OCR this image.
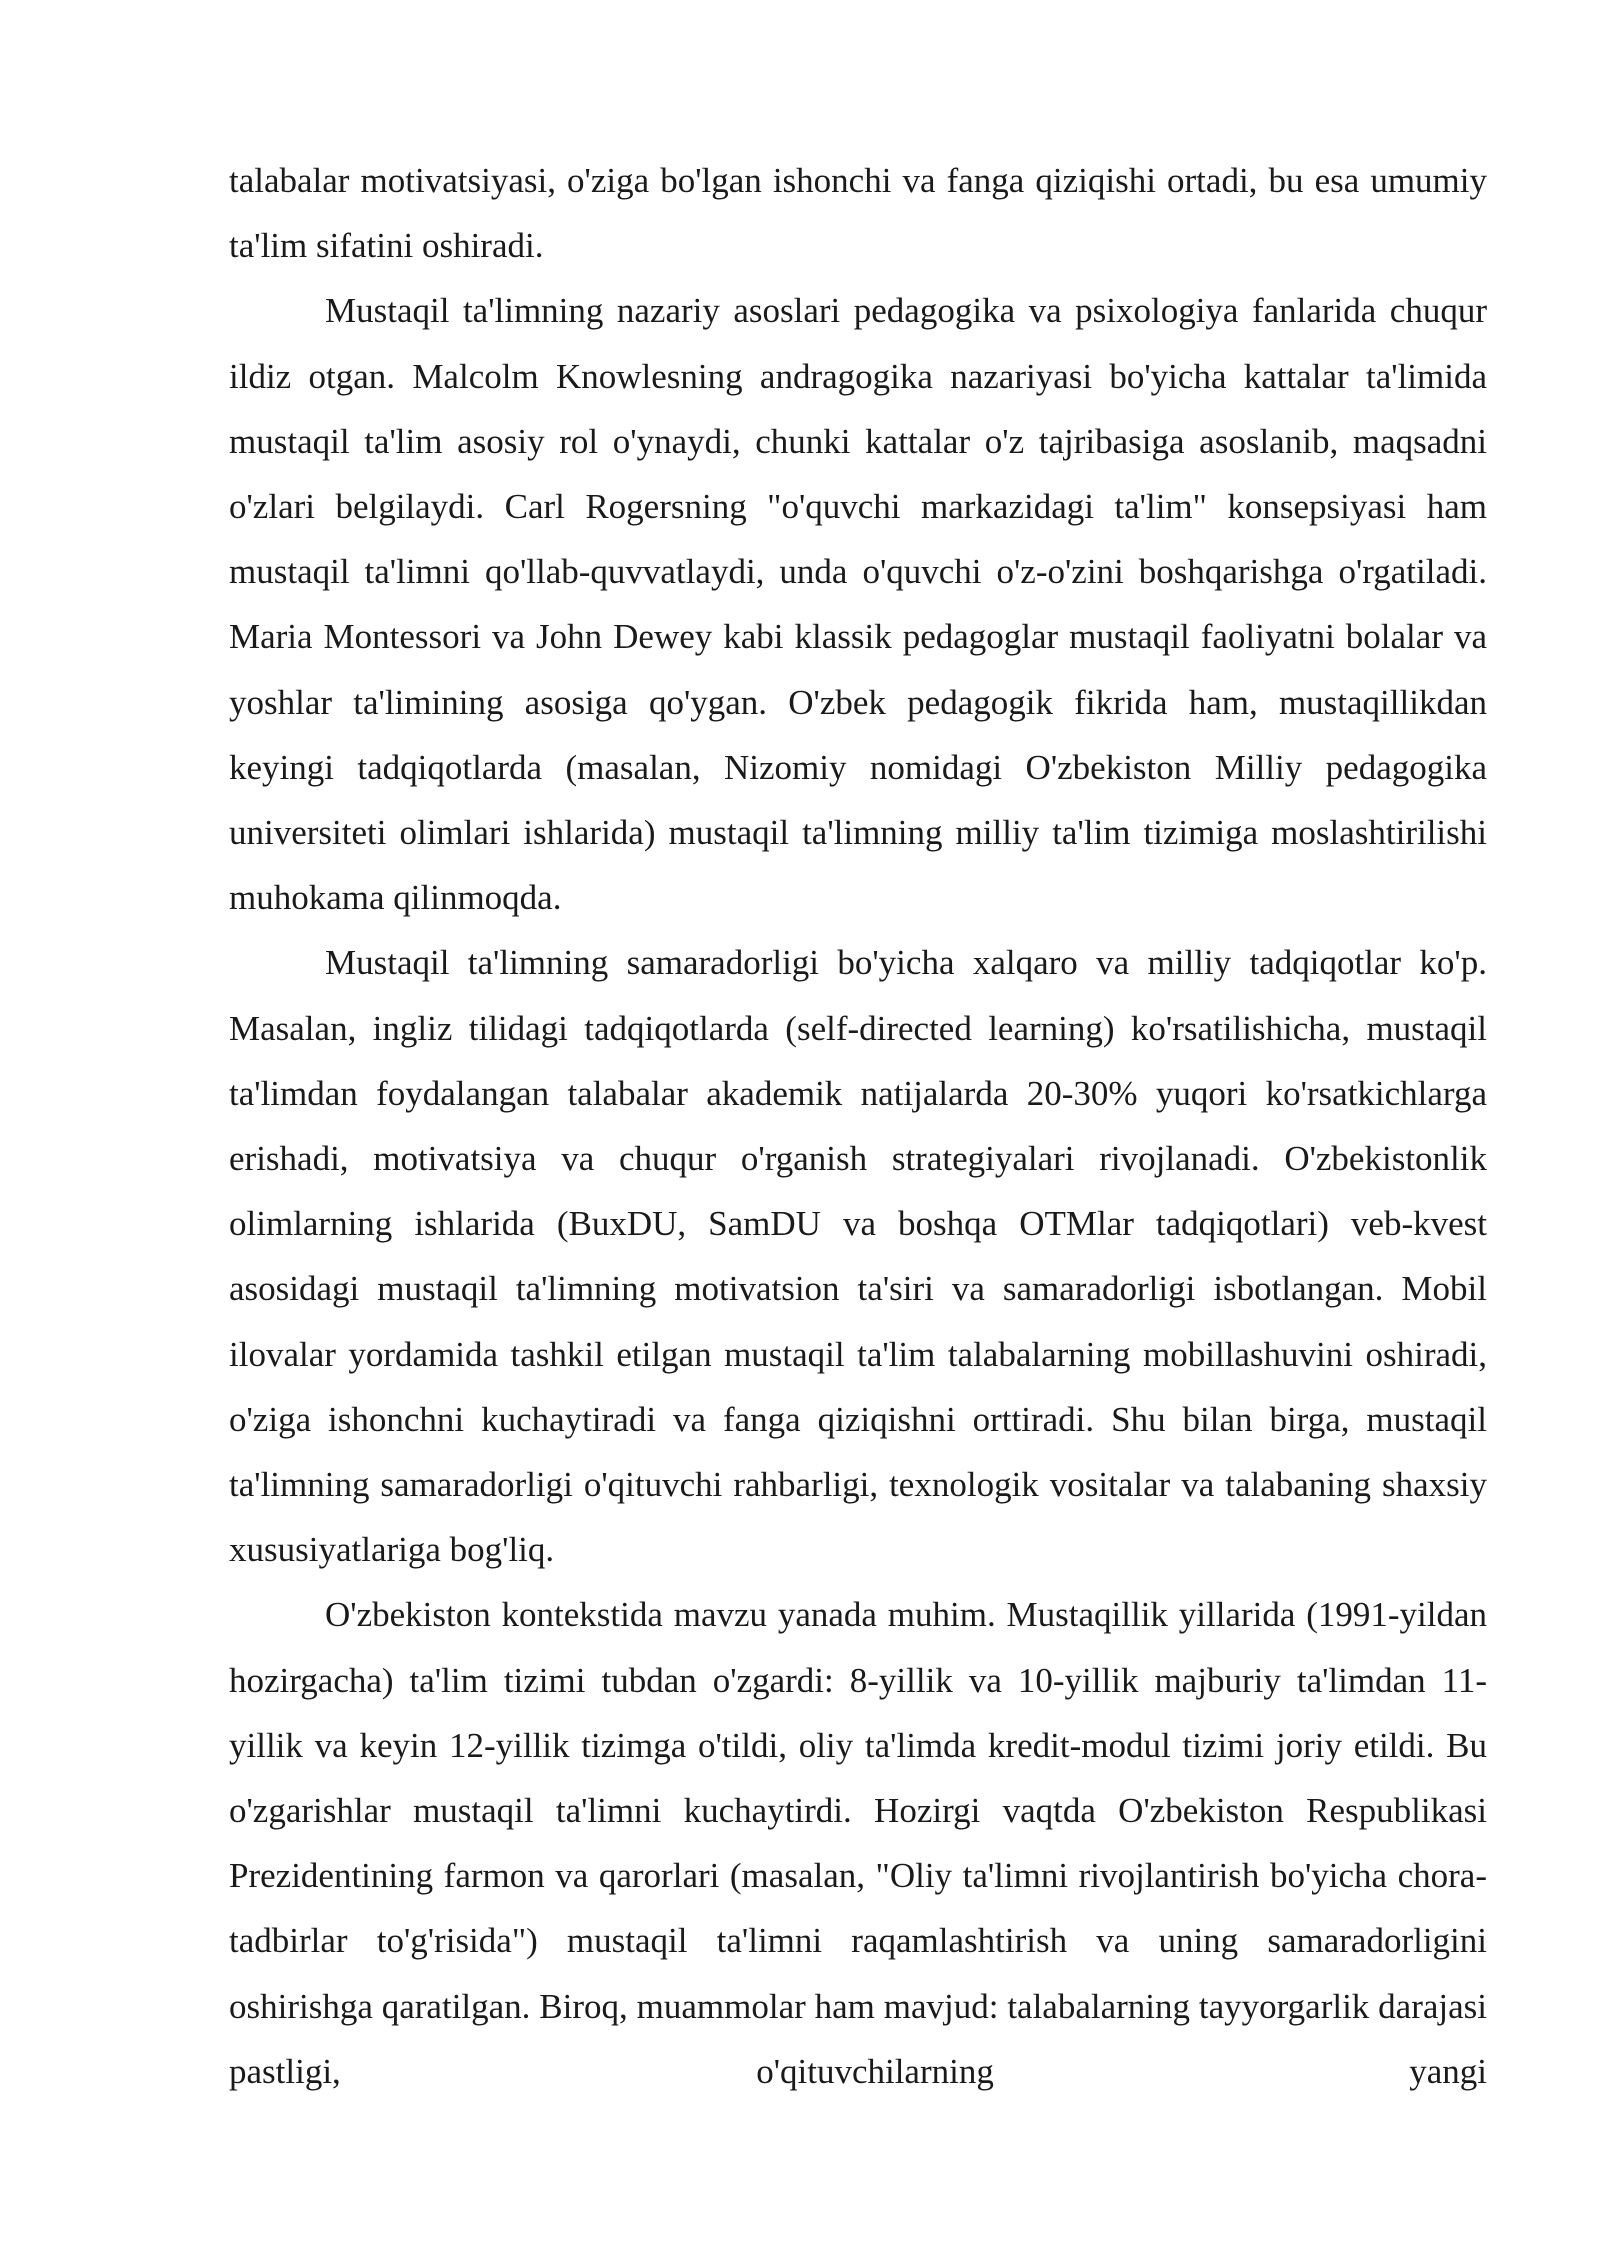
talabalar motivatsiyasi, o'ziga bo'lgan ishonchi va fanga qiziqishi ortadi, bu esa umumiy ta'lim sifatini oshiradi.

Mustaqil ta'limning nazariy asoslari pedagogika va psixologiya fanlarida chuqur ildiz otgan. Malcolm Knowlesning andragogika nazariyasi bo'yicha kattalar ta'limida mustaqil ta'lim asosiy rol o'ynaydi, chunki kattalar o'z tajribasiga asoslanib, maqsadni o'zlari belgilaydi. Carl Rogersning "o'quvchi markazidagi ta'lim" konsepsiyasi ham mustaqil ta'limni qo'llab-quvvatlaydi, unda o'quvchi o'z-o'zini boshqarishga o'rgatiladi. Maria Montessori va John Dewey kabi klassik pedagoglar mustaqil faoliyatni bolalar va yoshlar ta'limining asosiga qo'ygan. O'zbek pedagogik fikrida ham, mustaqillikdan keyingi tadqiqotlarda (masalan, Nizomiy nomidagi O'zbekiston Milliy pedagogika universiteti olimlari ishlarida) mustaqil ta'limning milliy ta'lim tizimiga moslashtirilishi muhokama qilinmoqda.

Mustaqil ta'limning samaradorligi bo'yicha xalqaro va milliy tadqiqotlar ko'p. Masalan, ingliz tilidagi tadqiqotlarda (self-directed learning) ko'rsatilishicha, mustaqil ta'limdan foydalangan talabalar akademik natijalarda 20-30% yuqori ko'rsatkichlarga erishadi, motivatsiya va chuqur o'rganish strategiyalari rivojlanadi. O'zbekistonlik olimlarning ishlarida (BuxDU, SamDU va boshqa OTMlar tadqiqotlari) veb-kvest asosidagi mustaqil ta'limning motivatsion ta'siri va samaradorligi isbotlangan. Mobil ilovalar yordamida tashkil etilgan mustaqil ta'lim talabalarning mobillashuvini oshiradi, o'ziga ishonchni kuchaytiradi va fanga qiziqishni orttiradi. Shu bilan birga, mustaqil ta'limning samaradorligi o'qituvchi rahbarligi, texnologik vositalar va talabaning shaxsiy xususiyatlariga bog'liq.

O'zbekiston kontekstida mavzu yanada muhim. Mustaqillik yillarida (1991-yildan hozirgacha) ta'lim tizimi tubdan o'zgardi: 8-yillik va 10-yillik majburiy ta'limdan 11-yillik va keyin 12-yillik tizimga o'tildi, oliy ta'limda kredit-modul tizimi joriy etildi. Bu o'zgarishlar mustaqil ta'limni kuchaytirdi. Hozirgi vaqtda O'zbekiston Respublikasi Prezidentining farmon va qarorlari (masalan, "Oliy ta'limni rivojlantirish bo'yicha chora-tadbirlar to'g'risida") mustaqil ta'limni raqamlashtirish va uning samaradorligini oshirishga qaratilgan. Biroq, muammolar ham mavjud: talabalarning tayyorgarlik darajasi pastligi, o'qituvchilarning yangi
